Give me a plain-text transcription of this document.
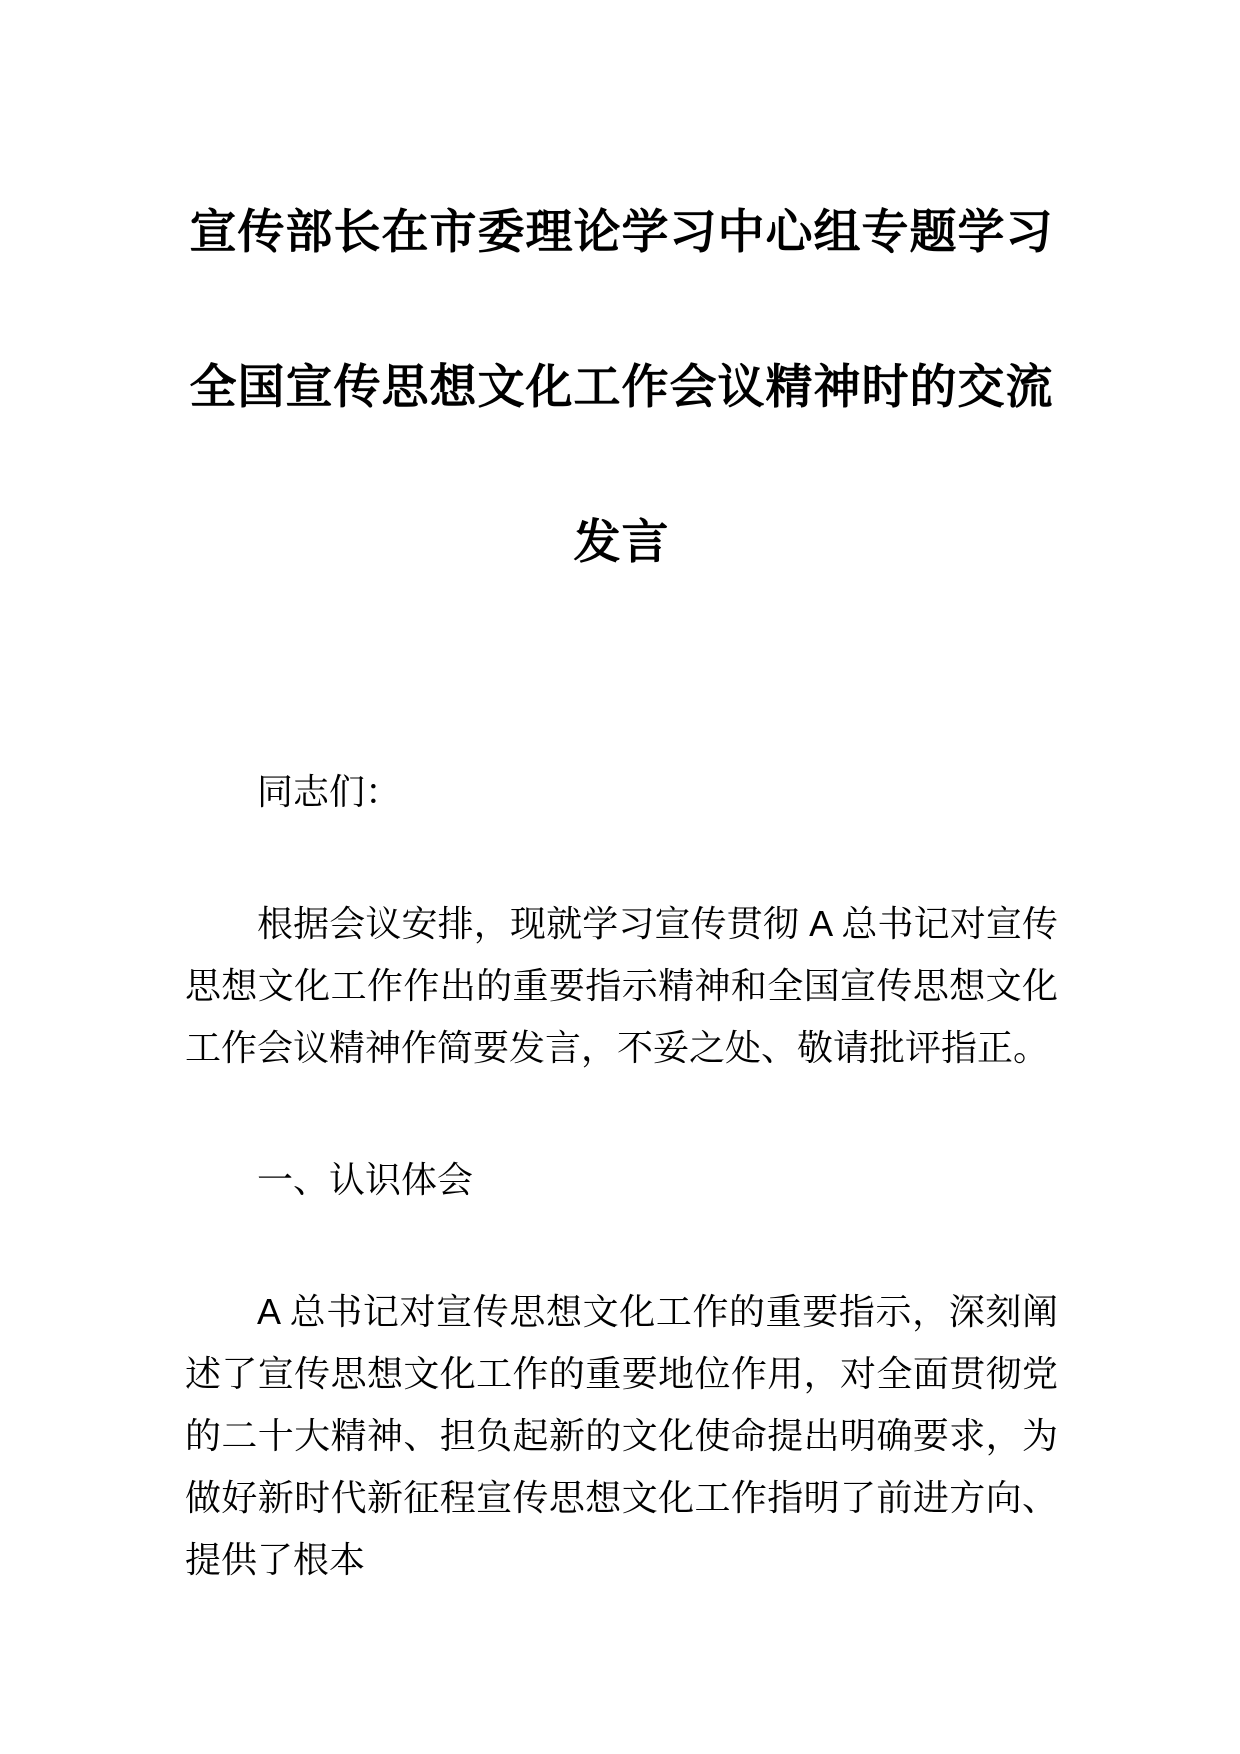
宣传部长在市委理论学习中心组专题学习
全国宣传思想文化工作会议精神时的交流
发言

同志们：

根据会议安排，现就学习宣传贯彻 A 总书记对宣传思想文化工作作出的重要指示精神和全国宣传思想文化工作会议精神作简要发言，不妥之处、敬请批评指正。

一、认识体会

A 总书记对宣传思想文化工作的重要指示，深刻阐述了宣传思想文化工作的重要地位作用，对全面贯彻党的二十大精神、担负起新的文化使命提出明确要求，为做好新时代新征程宣传思想文化工作指明了前进方向、提供了根本
